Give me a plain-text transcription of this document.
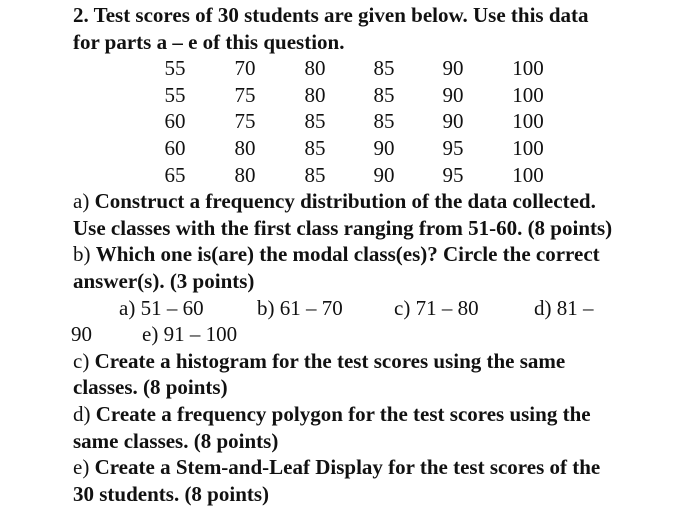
2. Test scores of 30 students are given below. Use this data
for parts a – e of this question.
55	70	80	85	90	100
55	75	80	85	90	100
60	75	85	85	90	100
60	80	85	90	95	100
65	80	85	90	95	100
a) Construct a frequency distribution of the data collected.
Use classes with the first class ranging from 51-60. (8 points)
b) Which one is(are) the modal class(es)? Circle the correct
answer(s). (3 points)
a) 51 – 60	b) 61 – 70 c) 71 – 80	d) 81 –
90 e) 91 – 100
c) Create a histogram for the test scores using the same
classes. (8 points)
d) Create a frequency polygon for the test scores using the
same classes. (8 points)
e) Create a Stem-and-Leaf Display for the test scores of the
30 students. (8 points)
